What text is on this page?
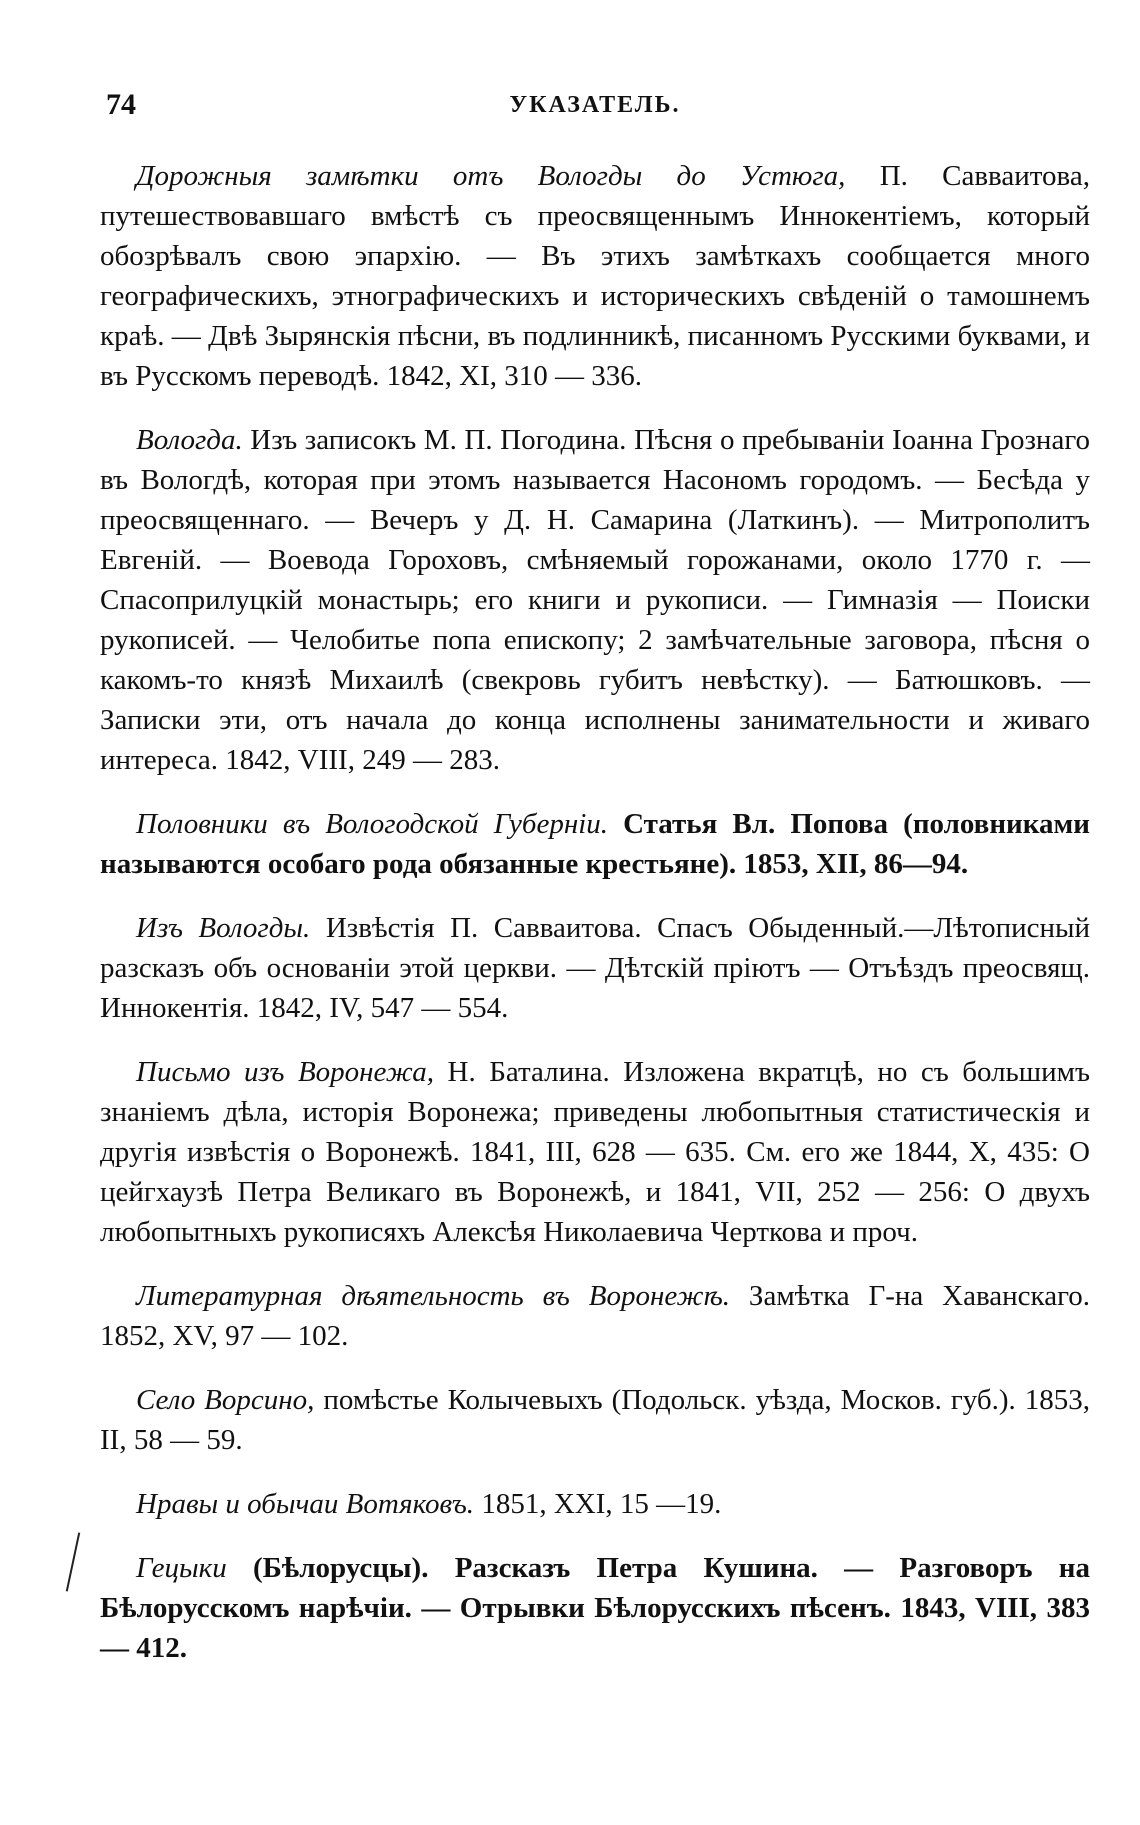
74	УКАЗАТЕЛЬ.

Дорожныя замѣтки отъ Вологды до Устюга, П. Савваитова, путешествовавшаго вмѣстѣ съ преосвященнымъ Иннокентіемъ, который обозрѣвалъ свою эпархію. — Въ этихъ замѣткахъ сообщается много географическихъ, этнографическихъ и историческихъ свѣденій о тамошнемъ краѣ. — Двѣ Зырянскія пѣсни, въ подлинникѣ, писанномъ Русскими буквами, и въ Русскомъ переводѣ. 1842, XI, 310 — 336.

Вологда. Изъ записокъ М. П. Погодина. Пѣсня о пребываніи Іоанна Грознаго въ Вологдѣ, которая при этомъ называется Насономъ городомъ. — Бесѣда у преосвященнаго. — Вечеръ у Д. Н. Самарина (Латкинъ). — Митрополитъ Евгеній. — Воевода Гороховъ, смѣняемый горожанами, около 1770 г. — Спасоприлуцкій монастырь; его книги и рукописи. — Гимназія — Поиски рукописей. — Челобитье попа епископу; 2 замѣчательные заговора, пѣсня о какомъ-то князѣ Михаилѣ (свекровь губитъ невѣстку). — Батюшковъ. — Записки эти, отъ начала до конца исполнены занимательности и живаго интереса. 1842, VIII, 249 — 283.

Половники въ Вологодской Губерніи. Статья Вл. Попова (половниками называются особаго рода обязанные крестьяне). 1853, XII, 86—94.

Изъ Вологды. Извѣстія П. Савваитова. Спасъ Обыденный.—Лѣтописный разсказъ объ основаніи этой церкви. — Дѣтскій пріютъ — Отъѣздъ преосвящ. Иннокентія. 1842, IV, 547 — 554.

Письмо изъ Воронежа, Н. Баталина. Изложена вкратцѣ, но съ большимъ знаніемъ дѣла, исторія Воронежа; приведены любопытныя статистическія и другія извѣстія о Воронежѣ. 1841, III, 628 — 635. См. его же 1844, X, 435: О цейгхаузѣ Петра Великаго въ Воронежѣ, и 1841, VII, 252 — 256: О двухъ любопытныхъ рукописяхъ Алексѣя Николаевича Черткова и проч.

Литературная дѣятельность въ Воронежѣ. Замѣтка Г-на Хаванскаго. 1852, XV, 97 — 102.

Село Ворсино, помѣстье Колычевыхъ (Подольск. уѣзда, Москов. губ.). 1853, II, 58 — 59.

Нравы и обычаи Вотяковъ. 1851, XXI, 15 —19.

Гецыки (Бѣлорусцы). Разсказъ Петра Кушина. — Разговоръ на Бѣлорусскомъ нарѣчіи. — Отрывки Бѣлорусскихъ пѣсенъ. 1843, VIII, 383 — 412.
